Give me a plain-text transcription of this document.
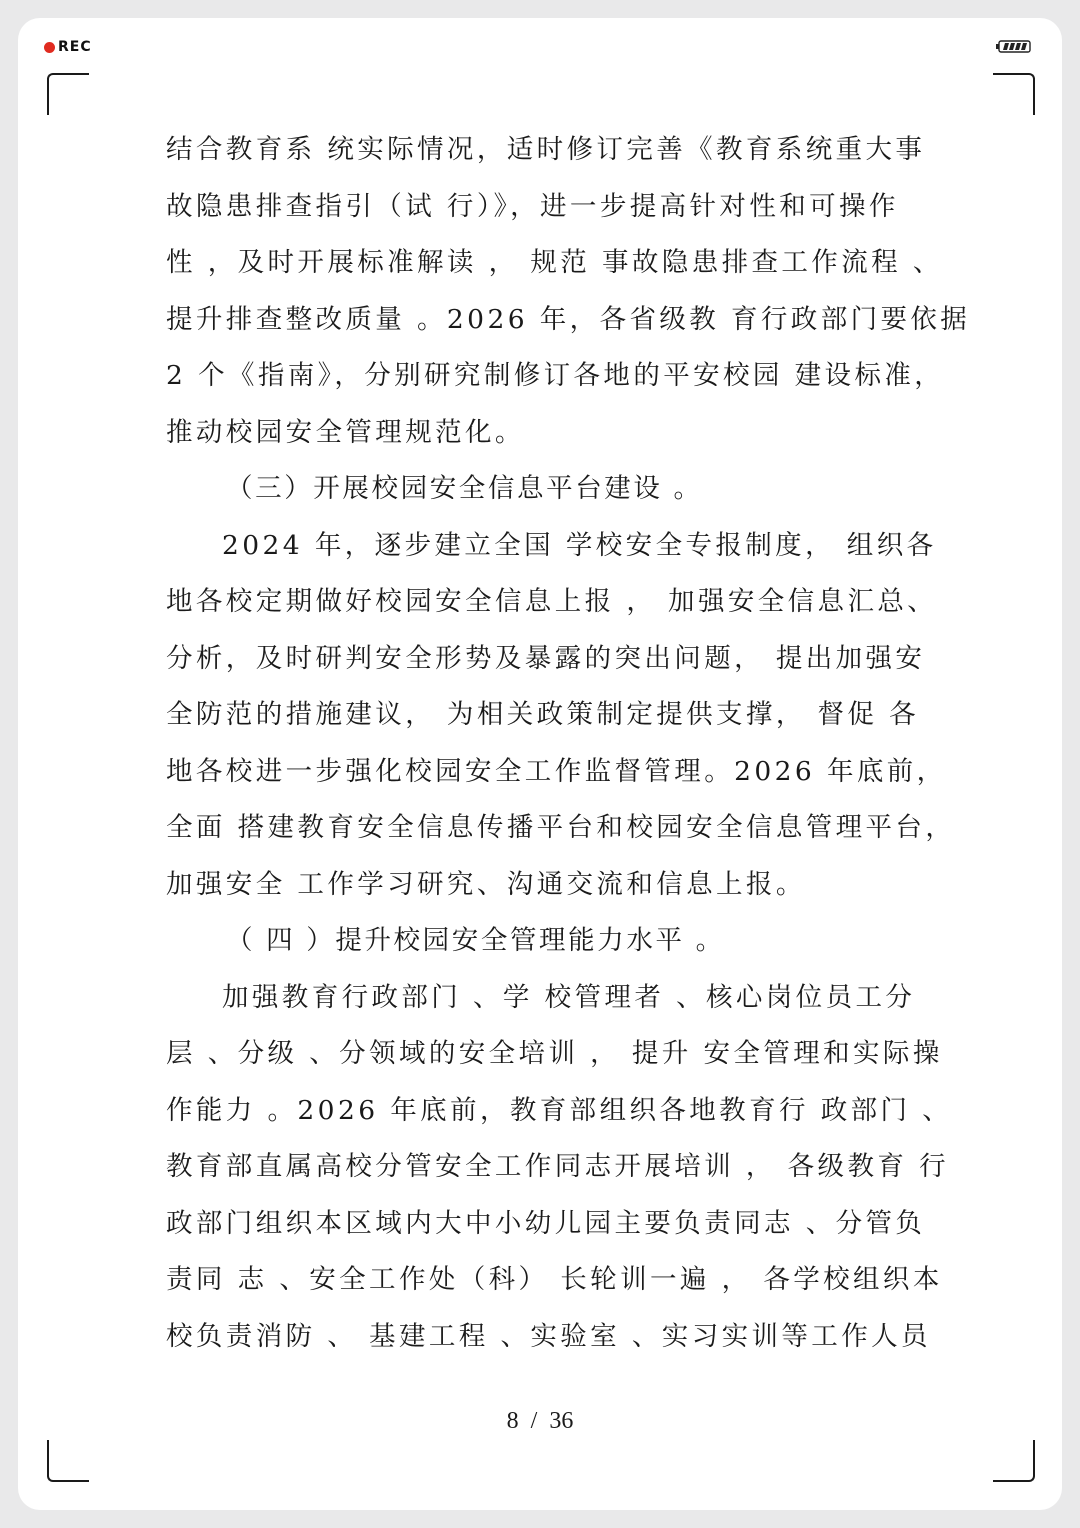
REC
结合教育系 统实际情况，适时修订完善《教育系统重大事
故隐患排查指引（试 行）》，进一步提高针对性和可操作
性 ，及时开展标准解读 ， 规范 事故隐患排查工作流程 、
提升排查整改质量 。2026 年，各省级教 育行政部门要依据
2 个《指南》，分别研究制修订各地的平安校园 建设标准，
推动校园安全管理规范化。
（三）开展校园安全信息平台建设 。
2024 年，逐步建立全国 学校安全专报制度， 组织各
地各校定期做好校园安全信息上报 ， 加强安全信息汇总、
分析，及时研判安全形势及暴露的突出问题， 提出加强安
全防范的措施建议， 为相关政策制定提供支撑， 督促 各
地各校进一步强化校园安全工作监督管理。2026 年底前，
全面 搭建教育安全信息传播平台和校园安全信息管理平台，
加强安全 工作学习研究、沟通交流和信息上报。
（ 四 ）提升校园安全管理能力水平 。
加强教育行政部门 、学 校管理者 、核心岗位员工分
层 、分级 、分领域的安全培训 ， 提升 安全管理和实际操
作能力 。2026 年底前，教育部组织各地教育行 政部门 、
教育部直属高校分管安全工作同志开展培训 ， 各级教育 行
政部门组织本区域内大中小幼儿园主要负责同志 、分管负
责同 志 、安全工作处（科） 长轮训一遍 ， 各学校组织本
校负责消防 、 基建工程 、实验室 、实习实训等工作人员
8 / 36
